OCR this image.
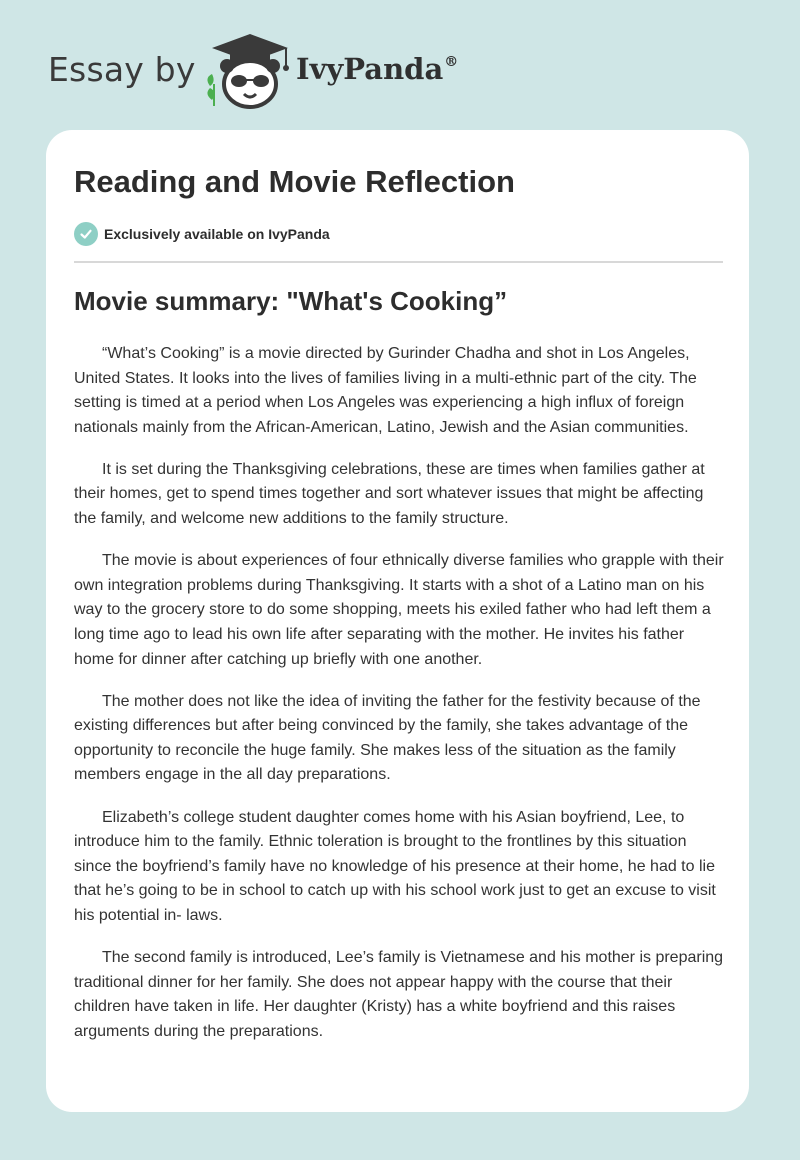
Essay by	IvyPanda®
Reading and Movie Reflection
Exclusively available on IvyPanda
Movie summary: "What's Cooking”

“What’s Cooking” is a movie directed by Gurinder Chadha and shot in Los Angeles, United States. It looks into the lives of families living in a multi-ethnic part of the city. The setting is timed at a period when Los Angeles was experiencing a high influx of foreign nationals mainly from the African-American, Latino, Jewish and the Asian communities.

It is set during the Thanksgiving celebrations, these are times when families gather at their homes, get to spend times together and sort whatever issues that might be affecting the family, and welcome new additions to the family structure.

The movie is about experiences of four ethnically diverse families who grapple with their own integration problems during Thanksgiving. It starts with a shot of a Latino man on his way to the grocery store to do some shopping, meets his exiled father who had left them a long time ago to lead his own life after separating with the mother. He invites his father home for dinner after catching up briefly with one another.

The mother does not like the idea of inviting the father for the festivity because of the existing differences but after being convinced by the family, she takes advantage of the opportunity to reconcile the huge family. She makes less of the situation as the family members engage in the all day preparations.

Elizabeth’s college student daughter comes home with his Asian boyfriend, Lee, to introduce him to the family. Ethnic toleration is brought to the frontlines by this situation since the boyfriend’s family have no knowledge of his presence at their home, he had to lie that he’s going to be in school to catch up with his school work just to get an excuse to visit his potential in- laws.

The second family is introduced, Lee’s family is Vietnamese and his mother is preparing traditional dinner for her family. She does not appear happy with the course that their children have taken in life. Her daughter (Kristy) has a white boyfriend and this raises arguments during the preparations.
